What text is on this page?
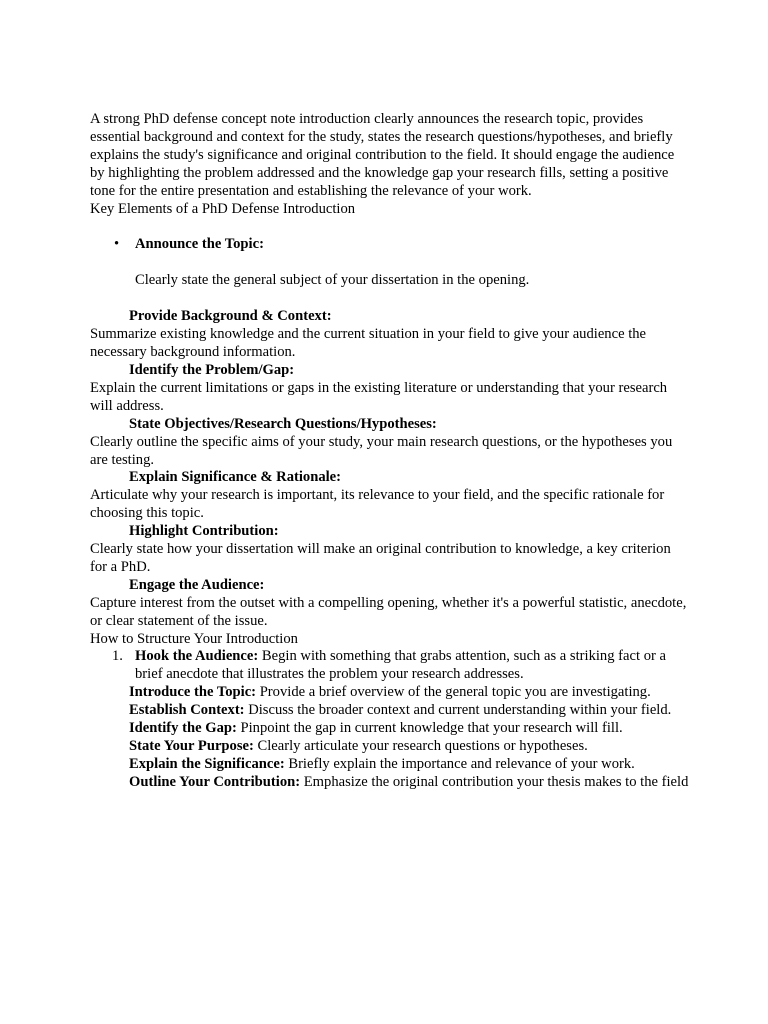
A strong PhD defense concept note introduction clearly announces the research topic, provides essential background and context for the study, states the research questions/hypotheses, and briefly explains the study's significance and original contribution to the field. It should engage the audience by highlighting the problem addressed and the knowledge gap your research fills, setting a positive tone for the entire presentation and establishing the relevance of your work.

Key Elements of a PhD Defense Introduction

• Announce the Topic:

Clearly state the general subject of your dissertation in the opening.

Provide Background & Context:

Summarize existing knowledge and the current situation in your field to give your audience the necessary background information.

Identify the Problem/Gap:

Explain the current limitations or gaps in the existing literature or understanding that your research will address.

State Objectives/Research Questions/Hypotheses:

Clearly outline the specific aims of your study, your main research questions, or the hypotheses you are testing.

Explain Significance & Rationale:

Articulate why your research is important, its relevance to your field, and the specific rationale for choosing this topic.

Highlight Contribution:

Clearly state how your dissertation will make an original contribution to knowledge, a key criterion for a PhD.

Engage the Audience:

Capture interest from the outset with a compelling opening, whether it's a powerful statistic, anecdote, or clear statement of the issue.

How to Structure Your Introduction

1. Hook the Audience: Begin with something that grabs attention, such as a striking fact or a brief anecdote that illustrates the problem your research addresses.

Introduce the Topic: Provide a brief overview of the general topic you are investigating.

Establish Context: Discuss the broader context and current understanding within your field.

Identify the Gap: Pinpoint the gap in current knowledge that your research will fill.

State Your Purpose: Clearly articulate your research questions or hypotheses.

Explain the Significance: Briefly explain the importance and relevance of your work.

Outline Your Contribution: Emphasize the original contribution your thesis makes to the field
